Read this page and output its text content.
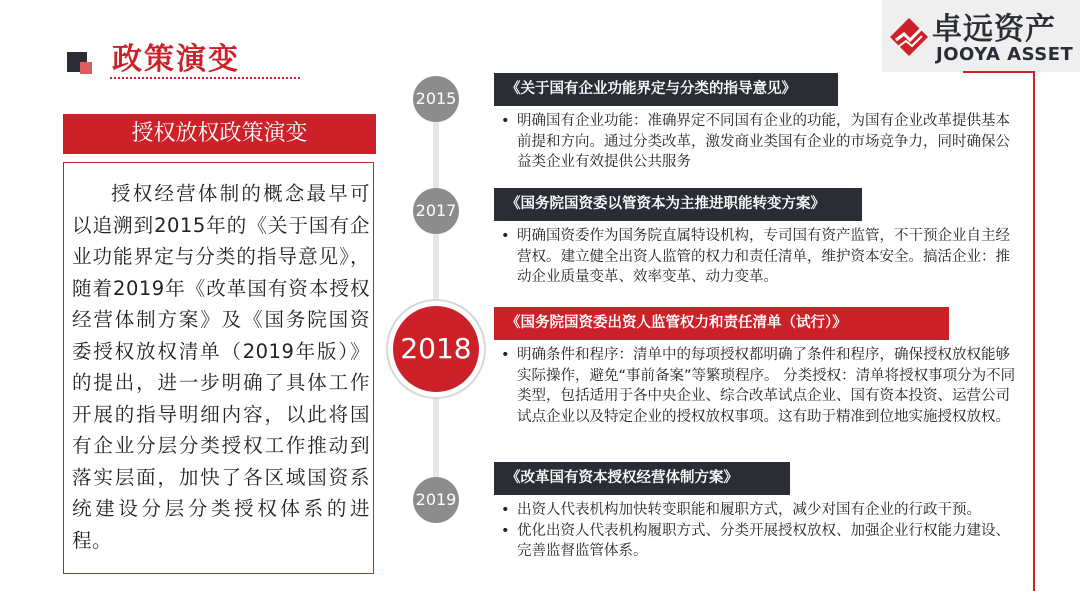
政策演变
卓远资产
JOOYA ASSET
授权放权政策演变
授权经营体制的概念最早可以追溯到2015年的《关于国有企业功能界定与分类的指导意见》，随着2019年《改革国有资本授权经营体制方案》及《国务院国资委授权放权清单（2019年版）》的提出，进一步明确了具体工作开展的指导明细内容，以此将国有企业分层分类授权工作推动到落实层面，加快了各区域国资系统建设分层分类授权体系的进程。
2015
2017
2018
2019
《关于国有企业功能界定与分类的指导意见》
• 明确国有企业功能：准确界定不同国有企业的功能，为国有企业改革提供基本前提和方向。通过分类改革，激发商业类国有企业的市场竞争力，同时确保公益类企业有效提供公共服务
《国务院国资委以管资本为主推进职能转变方案》
• 明确国资委作为国务院直属特设机构，专司国有资产监管，不干预企业自主经营权。建立健全出资人监管的权力和责任清单，维护资本安全。搞活企业：推动企业质量变革、效率变革、动力变革。
《国务院国资委出资人监管权力和责任清单（试行）》
• 明确条件和程序：清单中的每项授权都明确了条件和程序，确保授权放权能够实际操作，避免“事前备案”等繁琐程序。 分类授权：清单将授权事项分为不同类型，包括适用于各中央企业、综合改革试点企业、国有资本投资、运营公司试点企业以及特定企业的授权放权事项。这有助于精准到位地实施授权放权。
《改革国有资本授权经营体制方案》
• 出资人代表机构加快转变职能和履职方式，减少对国有企业的行政干预。
• 优化出资人代表机构履职方式、分类开展授权放权、加强企业行权能力建设、完善监督监管体系。
